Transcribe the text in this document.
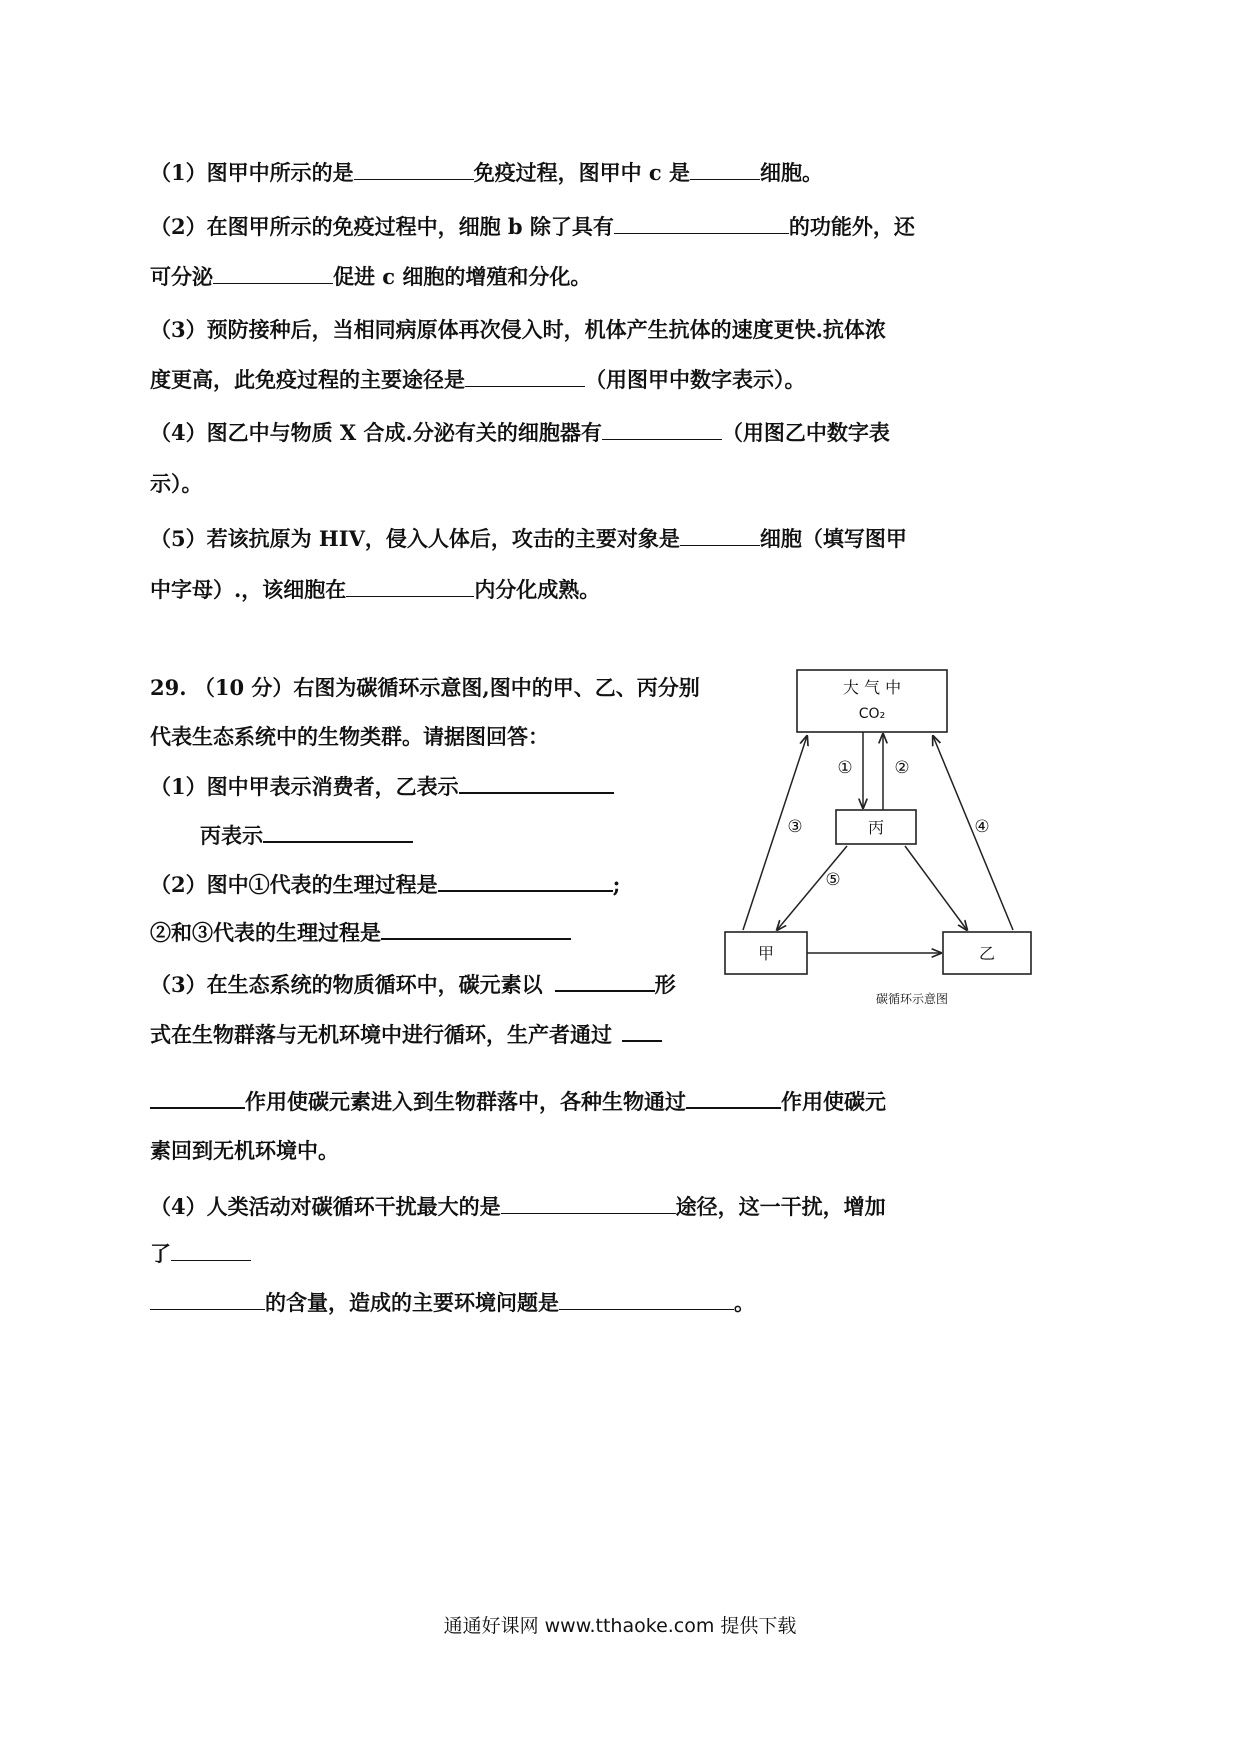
（1）图甲中所示的是	免疫过程，图甲中 c 是	细胞。
（2）在图甲所示的免疫过程中，细胞 b 除了具有	的功能外，还
可分泌	促进 c 细胞的增殖和分化。
（3）预防接种后，当相同病原体再次侵入时，机体产生抗体的速度更快.抗体浓
度更高，此免疫过程的主要途径是	（用图甲中数字表示）。
（4）图乙中与物质 X 合成.分泌有关的细胞器有	（用图乙中数字表
示）。
（5）若该抗原为 HIV，侵入人体后，攻击的主要对象是	细胞（填写图甲
中字母）.，该细胞在	内分化成熟。
29. （10 分）右图为碳循环示意图,图中的甲、乙、丙分别
代表生态系统中的生物类群。请据图回答：
（1）图中甲表示消费者，乙表示
丙表示
（2）图中①代表的生理过程是	;
②和③代表的生理过程是
（3）在生态系统的物质循环中，碳元素以	形
式在生物群落与无机环境中进行循环，生产者通过
作用使碳元素进入到生物群落中，各种生物通过	作用使碳元
素回到无机环境中。
（4）人类活动对碳循环干扰最大的是	途径，这一干扰，增加
了
的含量，造成的主要环境问题是	。
大 气 中
CO₂
丙
甲	乙
① ②
③	④
⑤
碳循环示意图
通通好课网 www.tthaoke.com 提供下载
